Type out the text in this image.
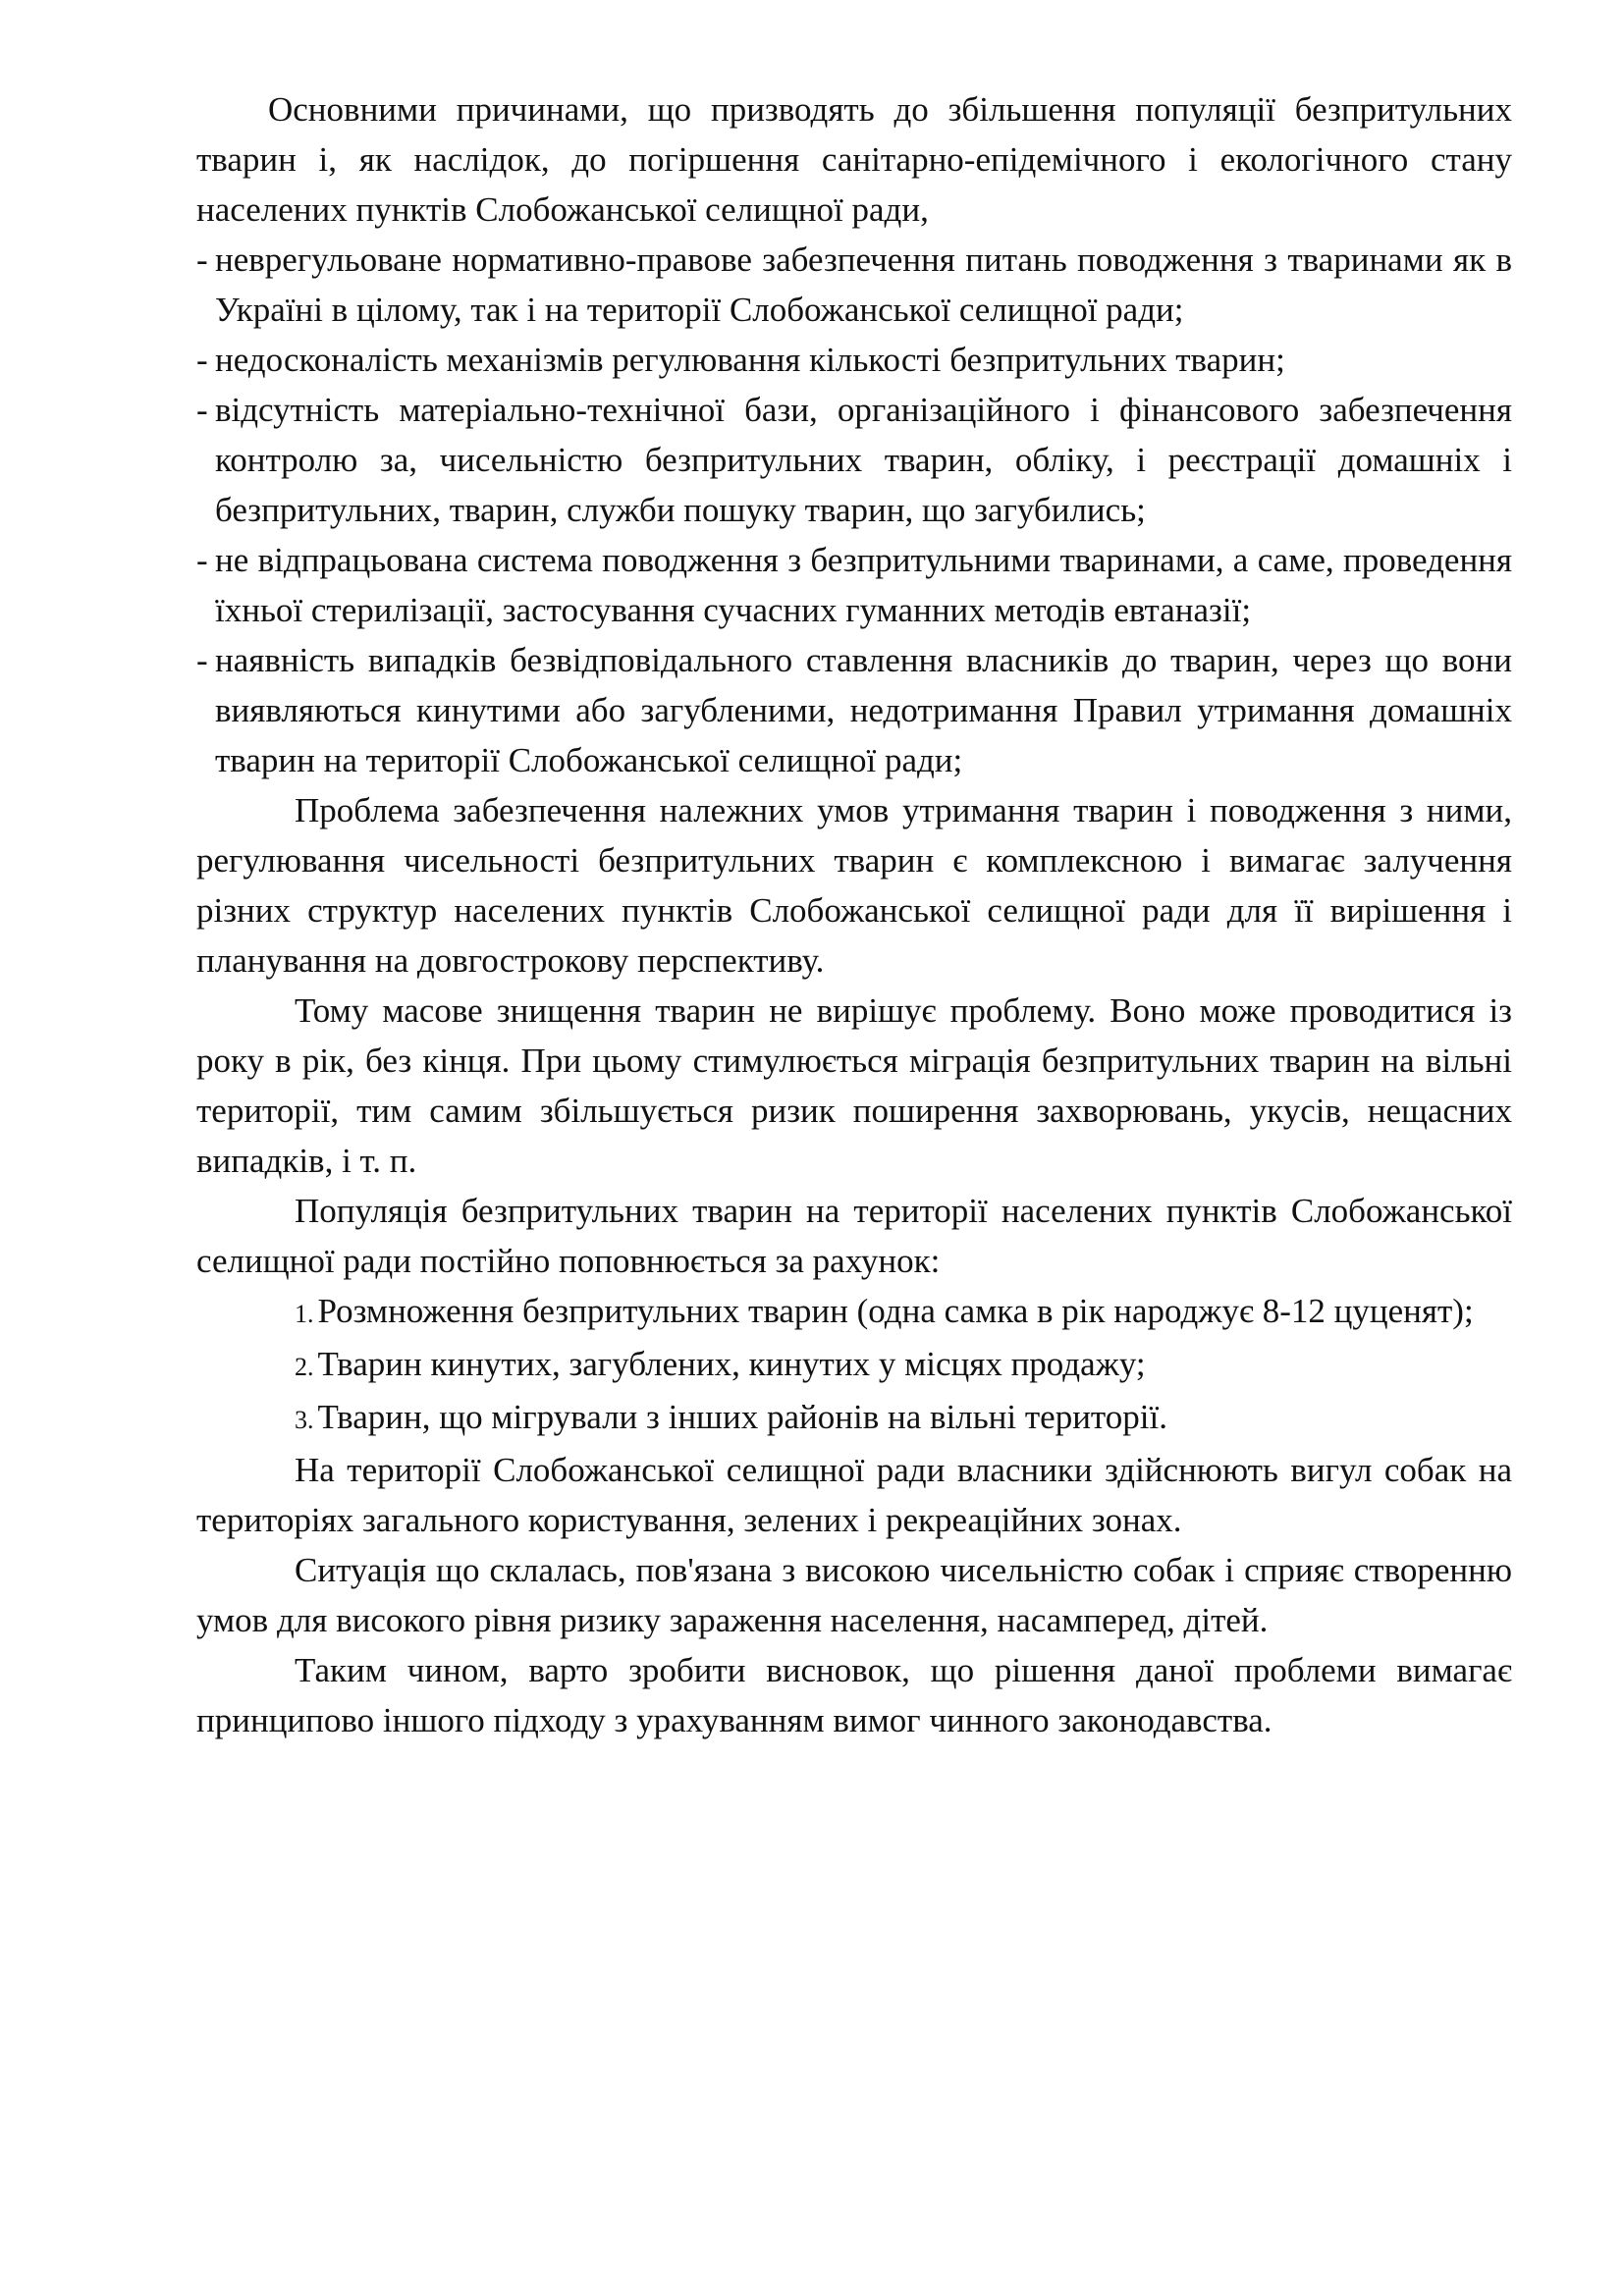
Основними причинами, що призводять до збільшення популяції безпритульних тварин і, як наслідок, до погіршення санітарно-епідемічного і екологічного стану населених пунктів Слобожанської селищної ради,

- неврегульоване нормативно-правове забезпечення питань поводження з тваринами як в Україні в цілому, так і на території Слобожанської селищної ради;
- недосконалість механізмів регулювання кількості безпритульних тварин;
- відсутність матеріально-технічної бази, організаційного і фінансового забезпечення контролю за, чисельністю безпритульних тварин, обліку, і реєстрації домашніх і безпритульних, тварин, служби пошуку тварин, що загубились;
- не відпрацьована система поводження з безпритульними тваринами, а саме, проведення їхньої стерилізації, застосування сучасних гуманних методів евтаназії;
- наявність випадків безвідповідального ставлення власників до тварин, через що вони виявляються кинутими або загубленими, недотримання Правил утримання домашніх тварин на території Слобожанської селищної ради;

Проблема забезпечення належних умов утримання тварин і поводження з ними, регулювання чисельності безпритульних тварин є комплексною і вимагає залучення різних структур населених пунктів Слобожанської селищної ради для її вирішення і планування на довгострокову перспективу.

Тому масове знищення тварин не вирішує проблему. Воно може проводитися із року в рік, без кінця. При цьому стимулюється міграція безпритульних тварин на вільні території, тим самим збільшується ризик поширення захворювань, укусів, нещасних випадків, і т. п.

Популяція безпритульних тварин на території населених пунктів Слобожанської селищної ради постійно поповнюється за рахунок:

1. Розмноження безпритульних тварин (одна самка в рік народжує 8-12 цуценят);
2. Тварин кинутих, загублених, кинутих у місцях продажу;
3. Тварин, що мігрували з інших районів на вільні території.

На території Слобожанської селищної ради власники здійснюють вигул собак на територіях загального користування, зелених і рекреаційних зонах.

Ситуація що склалась, пов'язана з високою чисельністю собак і сприяє створенню умов для високого рівня ризику зараження населення, насамперед, дітей.

Таким чином, варто зробити висновок, що рішення даної проблеми вимагає принципово іншого підходу з урахуванням вимог чинного законодавства.
